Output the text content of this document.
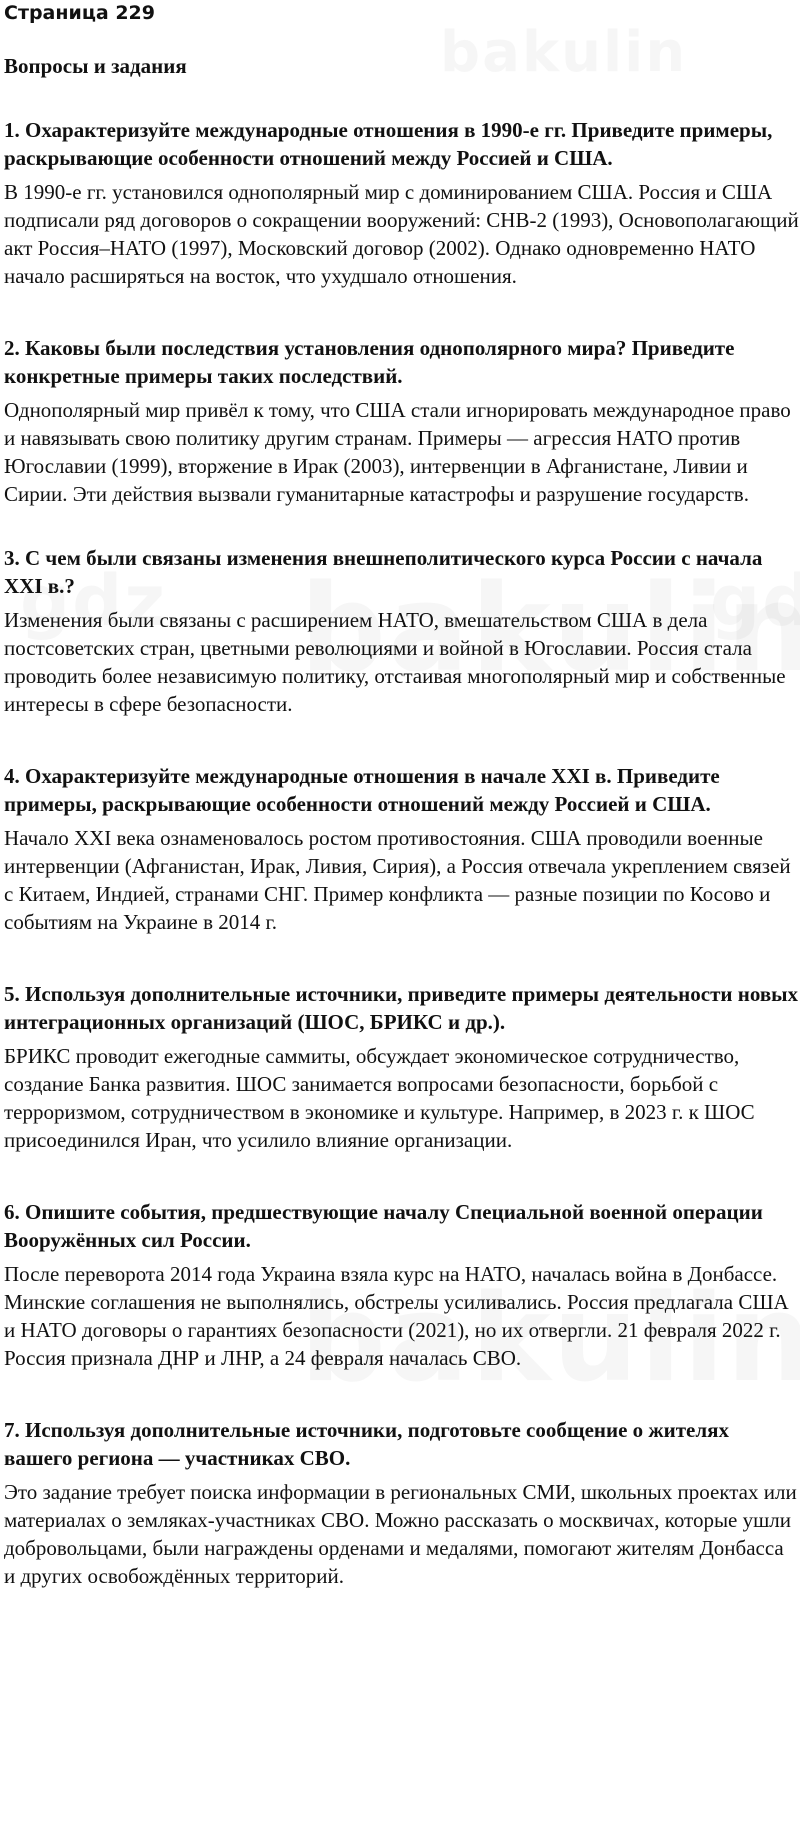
Страница 229
Вопросы и задания
1. Охарактеризуйте международные отношения в 1990-е гг. Приведите примеры, раскрывающие особенности отношений между Россией и США.
В 1990-е гг. установился однополярный мир с доминированием США. Россия и США подписали ряд договоров о сокращении вооружений: СНВ-2 (1993), Основополагающий акт Россия–НАТО (1997), Московский договор (2002). Однако одновременно НАТО начало расширяться на восток, что ухудшало отношения.
2. Каковы были последствия установления однополярного мира? Приведите конкретные примеры таких последствий.
Однополярный мир привёл к тому, что США стали игнорировать международное право и навязывать свою политику другим странам. Примеры — агрессия НАТО против Югославии (1999), вторжение в Ирак (2003), интервенции в Афганистане, Ливии и Сирии. Эти действия вызвали гуманитарные катастрофы и разрушение государств.
3. С чем были связаны изменения внешнеполитического курса России с начала XXI в.?
Изменения были связаны с расширением НАТО, вмешательством США в дела постсоветских стран, цветными революциями и войной в Югославии. Россия стала проводить более независимую политику, отстаивая многополярный мир и собственные интересы в сфере безопасности.
4. Охарактеризуйте международные отношения в начале XXI в. Приведите примеры, раскрывающие особенности отношений между Россией и США.
Начало XXI века ознаменовалось ростом противостояния. США проводили военные интервенции (Афганистан, Ирак, Ливия, Сирия), а Россия отвечала укреплением связей с Китаем, Индией, странами СНГ. Пример конфликта — разные позиции по Косово и событиям на Украине в 2014 г.
5. Используя дополнительные источники, приведите примеры деятельности новых интеграционных организаций (ШОС, БРИКС и др.).
БРИКС проводит ежегодные саммиты, обсуждает экономическое сотрудничество, создание Банка развития. ШОС занимается вопросами безопасности, борьбой с терроризмом, сотрудничеством в экономике и культуре. Например, в 2023 г. к ШОС присоединился Иран, что усилило влияние организации.
6. Опишите события, предшествующие началу Специальной военной операции Вооружённых сил России.
После переворота 2014 года Украина взяла курс на НАТО, началась война в Донбассе. Минские соглашения не выполнялись, обстрелы усиливались. Россия предлагала США и НАТО договоры о гарантиях безопасности (2021), но их отвергли. 21 февраля 2022 г. Россия признала ДНР и ЛНР, а 24 февраля началась СВО.
7. Используя дополнительные источники, подготовьте сообщение о жителях вашего региона — участниках СВО.
Это задание требует поиска информации в региональных СМИ, школьных проектах или материалах о земляках-участниках СВО. Можно рассказать о москвичах, которые ушли добровольцами, были награждены орденами и медалями, помогают жителям Донбасса и других освобождённых территорий.
